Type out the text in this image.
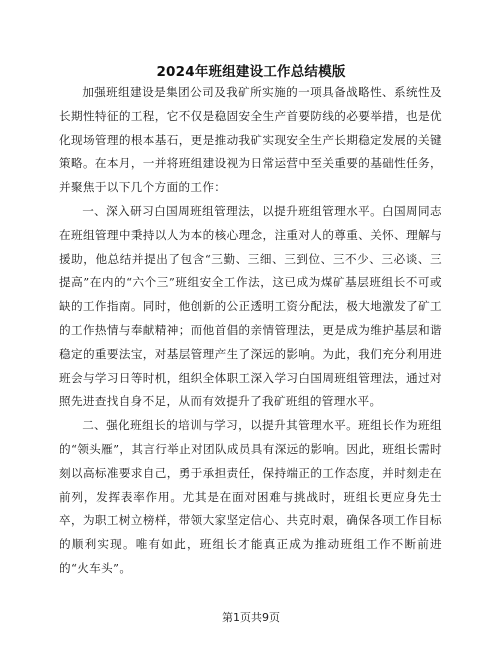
2024年班组建设工作总结模版

加强班组建设是集团公司及我矿所实施的一项具备战略性、系统性及长期性特征的工程，它不仅是稳固安全生产首要防线的必要举措，也是优化现场管理的根本基石，更是推动我矿实现安全生产长期稳定发展的关键策略。在本月，一并将班组建设视为日常运营中至关重要的基础性任务，并聚焦于以下几个方面的工作：

一、深入研习白国周班组管理法，以提升班组管理水平。白国周同志在班组管理中秉持以人为本的核心理念，注重对人的尊重、关怀、理解与援助，他总结并提出了包含“三勤、三细、三到位、三不少、三必谈、三提高”在内的“六个三”班组安全工作法，这已成为煤矿基层班组长不可或缺的工作指南。同时，他创新的公正透明工资分配法，极大地激发了矿工的工作热情与奉献精神；而他首倡的亲情管理法，更是成为维护基层和谐稳定的重要法宝，对基层管理产生了深远的影响。为此，我们充分利用进班会与学习日等时机，组织全体职工深入学习白国周班组管理法，通过对照先进查找自身不足，从而有效提升了我矿班组的管理水平。

二、强化班组长的培训与学习，以提升其管理水平。班组长作为班组的“领头雁”，其言行举止对团队成员具有深远的影响。因此，班组长需时刻以高标准要求自己，勇于承担责任，保持端正的工作态度，并时刻走在前列，发挥表率作用。尤其是在面对困难与挑战时，班组长更应身先士卒，为职工树立榜样，带领大家坚定信心、共克时艰，确保各项工作目标的顺利实现。唯有如此，班组长才能真正成为推动班组工作不断前进的“火车头”。

第1页共9页
